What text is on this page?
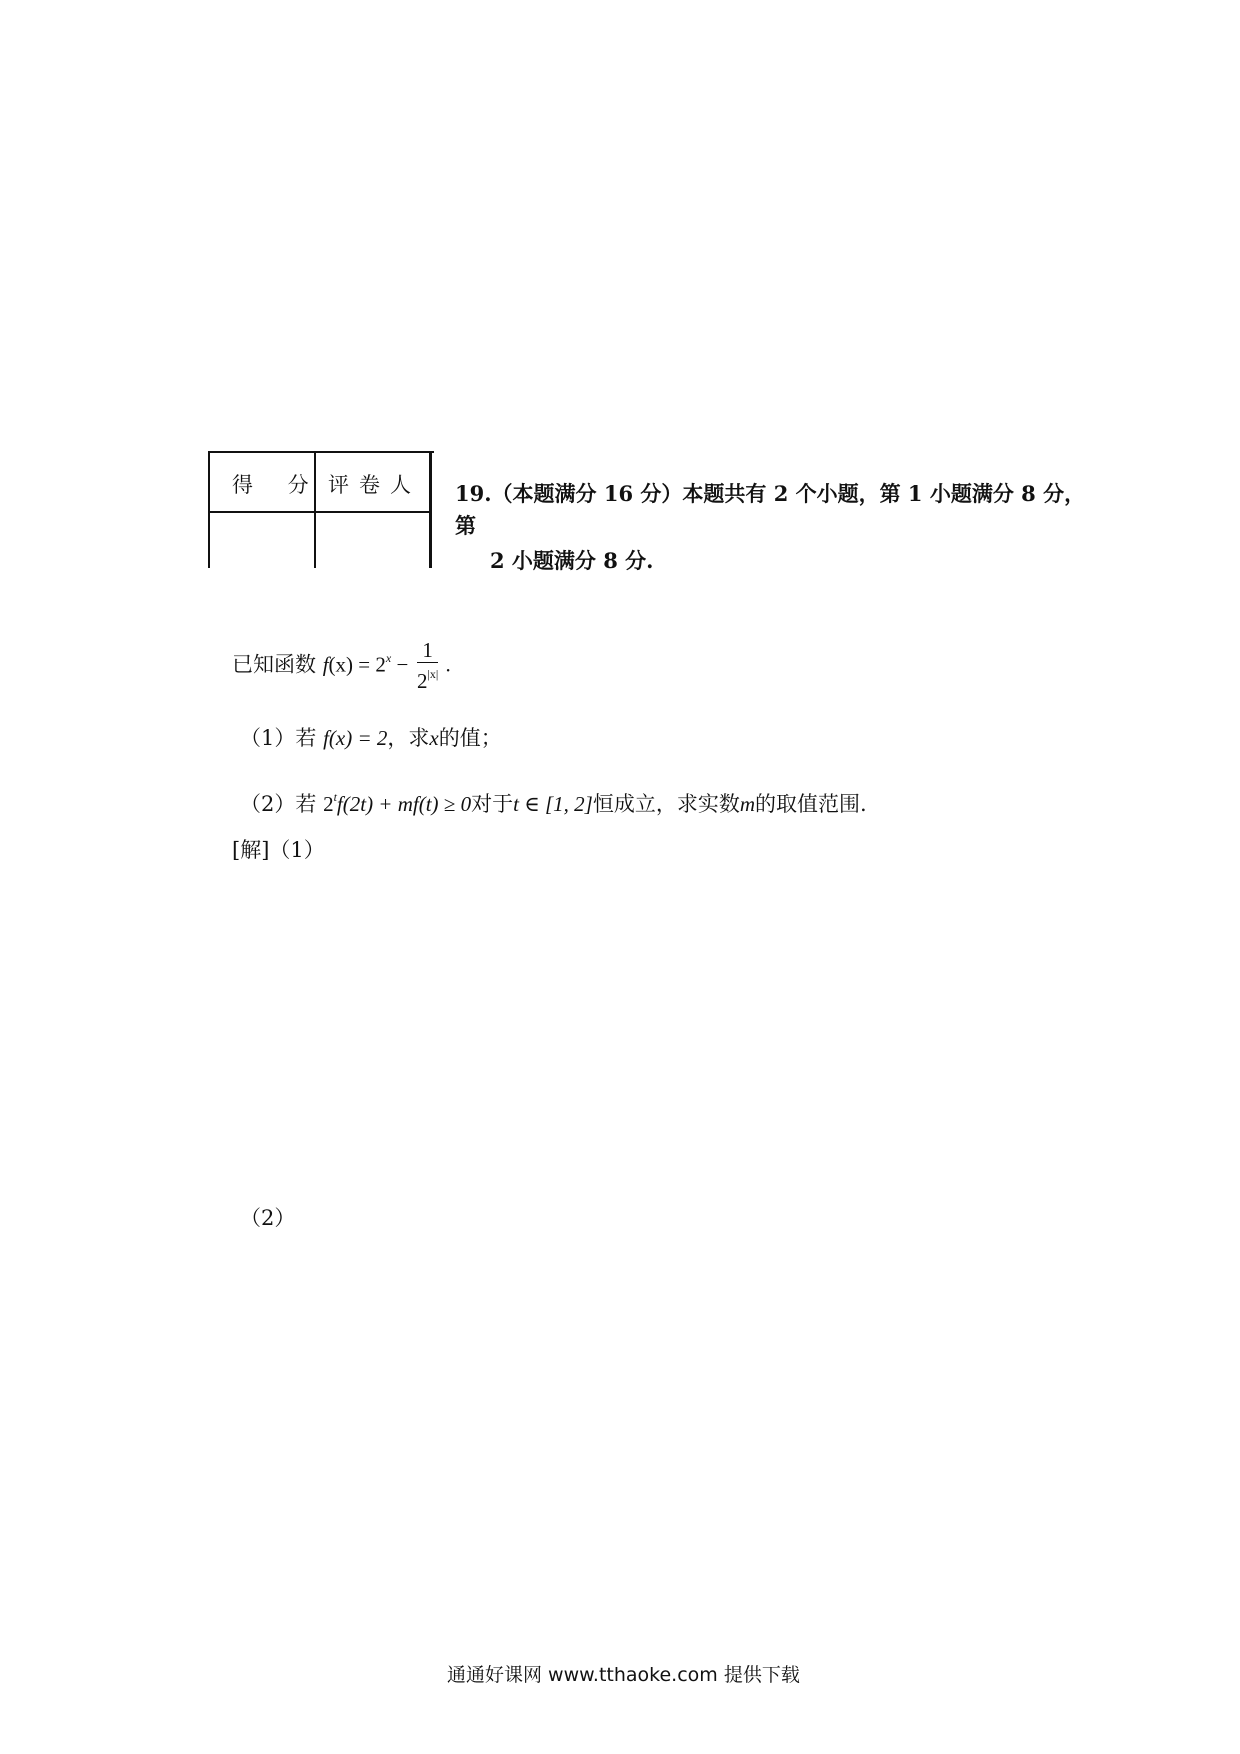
得 分 评卷人 19.（本题满分 16 分）本题共有 2 个小题，第 1 小题满分 8 分，
第
2 小题满分 8 分.
已知函数 $f(x) = 2^x - \frac{1}{2^{|x|}}$ .
（1）若 f(x) = 2，求x的值；
（2）若 $2^tf(2t) + mf(t) \ge 0$对于t ∈ [1, 2]恒成立，求实数m的取值范围.
[解]（1）
（2）
通通好课网 www.tthaoke.com 提供下载
